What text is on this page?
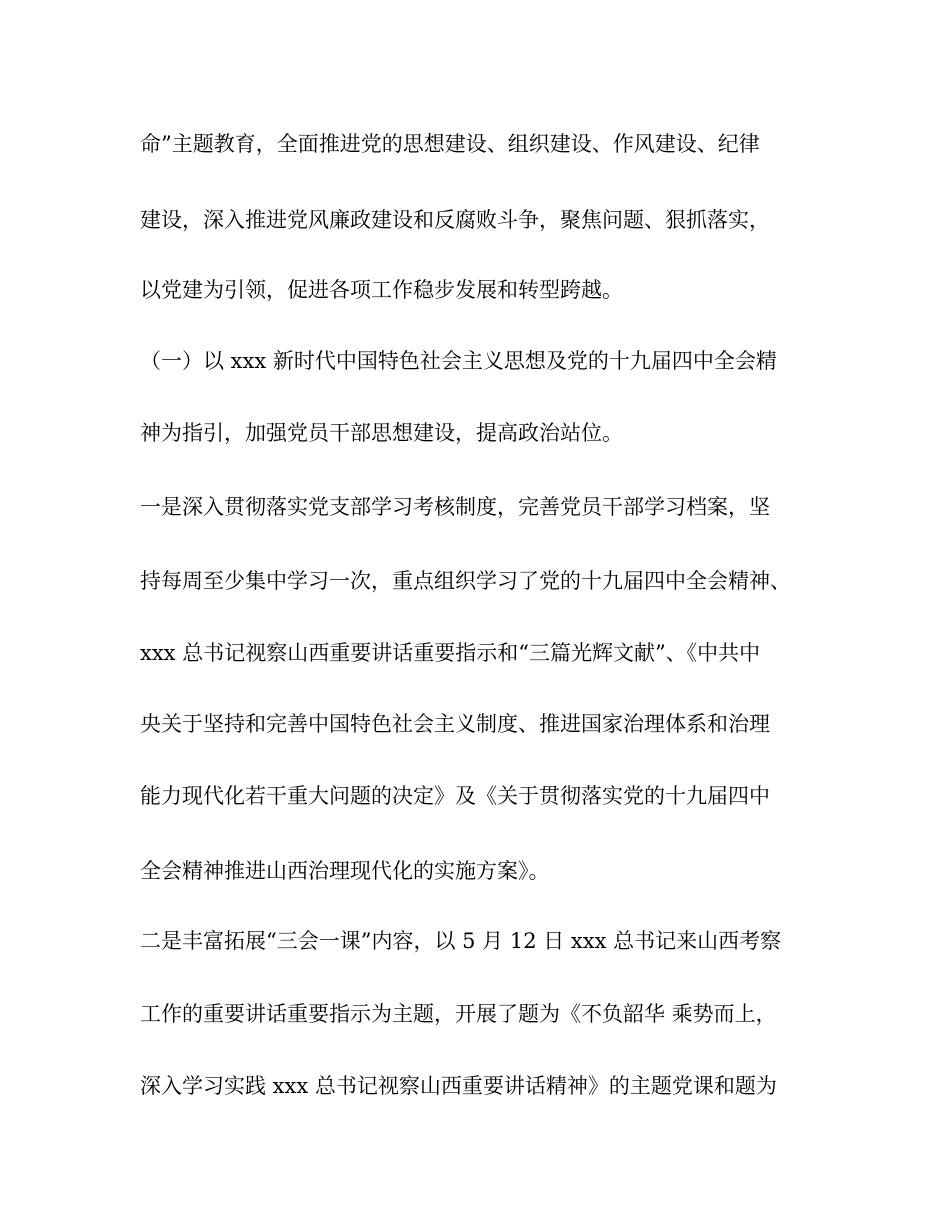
命”主题教育，全面推进党的思想建设、组织建设、作风建设、纪律
建设，深入推进党风廉政建设和反腐败斗争，聚焦问题、狠抓落实，
以党建为引领，促进各项工作稳步发展和转型跨越。
（一）以 xxx 新时代中国特色社会主义思想及党的十九届四中全会精
神为指引，加强党员干部思想建设，提高政治站位。
一是深入贯彻落实党支部学习考核制度，完善党员干部学习档案，坚
持每周至少集中学习一次，重点组织学习了党的十九届四中全会精神、
xxx 总书记视察山西重要讲话重要指示和“三篇光辉文献”、《中共中
央关于坚持和完善中国特色社会主义制度、推进国家治理体系和治理
能力现代化若干重大问题的决定》及《关于贯彻落实党的十九届四中
全会精神推进山西治理现代化的实施方案》。
二是丰富拓展“三会一课”内容，以 5 月 12 日 xxx 总书记来山西考察
工作的重要讲话重要指示为主题，开展了题为《不负韶华 乘势而上，
深入学习实践 xxx 总书记视察山西重要讲话精神》的主题党课和题为
